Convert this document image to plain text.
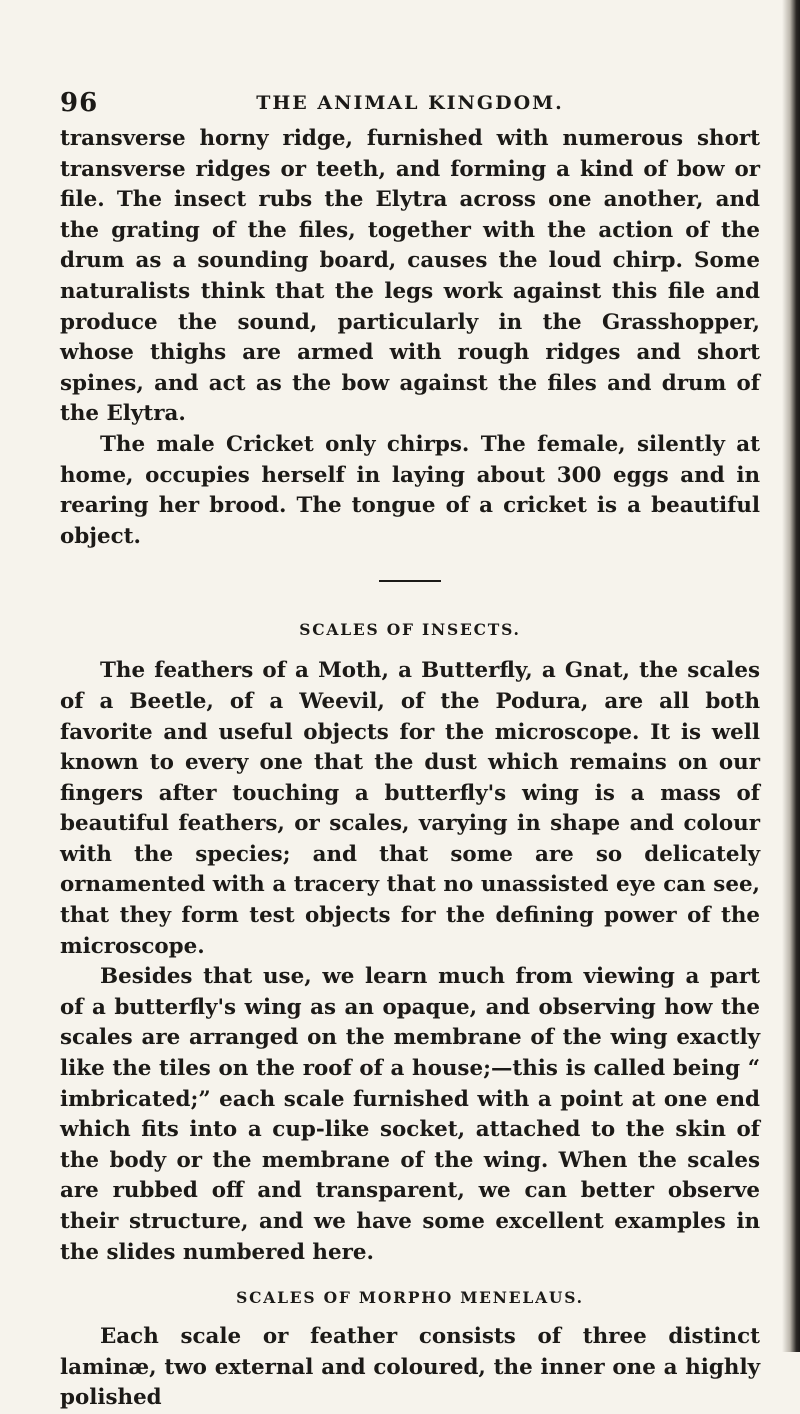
96	THE ANIMAL KINGDOM.

transverse horny ridge, furnished with numerous short transverse ridges or teeth, and forming a kind of bow or file. The insect rubs the Elytra across one another, and the grating of the files, together with the action of the drum as a sounding board, causes the loud chirp. Some naturalists think that the legs work against this file and produce the sound, particularly in the Grasshopper, whose thighs are armed with rough ridges and short spines, and act as the bow against the files and drum of the Elytra.

The male Cricket only chirps. The female, silently at home, occupies herself in laying about 300 eggs and in rearing her brood. The tongue of a cricket is a beautiful object.

SCALES OF INSECTS.

The feathers of a Moth, a Butterfly, a Gnat, the scales of a Beetle, of a Weevil, of the Podura, are all both favorite and useful objects for the microscope. It is well known to every one that the dust which remains on our fingers after touching a butterfly's wing is a mass of beautiful feathers, or scales, varying in shape and colour with the species; and that some are so delicately ornamented with a tracery that no unassisted eye can see, that they form test objects for the defining power of the microscope.

Besides that use, we learn much from viewing a part of a butterfly's wing as an opaque, and observing how the scales are arranged on the membrane of the wing exactly like the tiles on the roof of a house;—this is called being “ imbricated;” each scale furnished with a point at one end which fits into a cup-like socket, attached to the skin of the body or the membrane of the wing. When the scales are rubbed off and transparent, we can better observe their structure, and we have some excellent examples in the slides numbered here.

SCALES OF MORPHO MENELAUS.

Each scale or feather consists of three distinct laminæ, two external and coloured, the inner one a highly polished
